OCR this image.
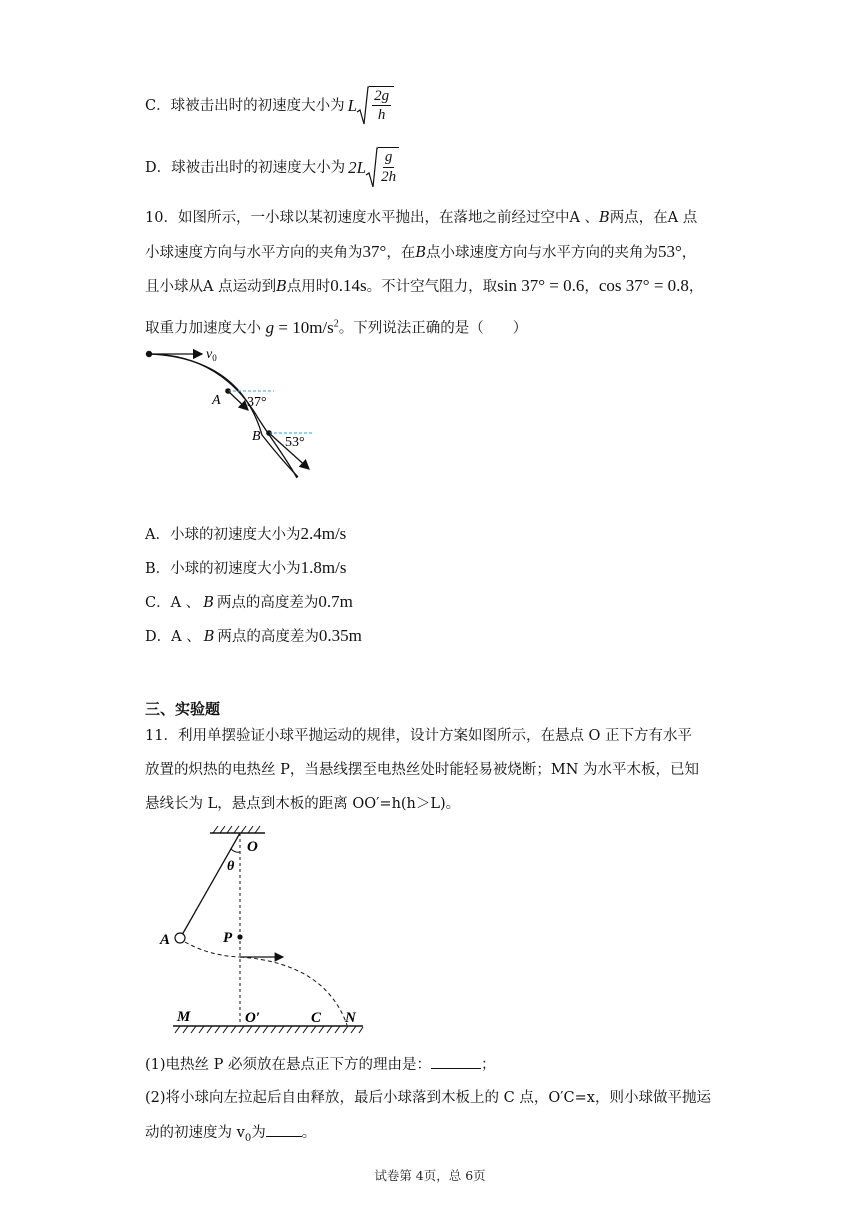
C．球被击出时的初速度大小为 L $\frac{2g}{h}$
D．球被击出时的初速度大小为 $2L \frac{g}{2h}$
10．如图所示，一小球以某初速度水平抛出，在落地之前经过空中A 、B两点，在A 点
小球速度方向与水平方向的夹角为37°，在B点小球速度方向与水平方向的夹角为53°，
且小球从A 点运动到B点用时0.14s。不计空气阻力，取sin 37° = 0.6，cos 37° = 0.8，
取重力加速度大小 $g = 10m/s^2$。下列说法正确的是（　　）
$v_0$
A 37°
B 53°
A．小球的初速度大小为2.4m/s
B．小球的初速度大小为1.8m/s
C．A 、 B 两点的高度差为0.7m
D．A 、 B 两点的高度差为0.35m
三、实验题
11．利用单摆验证小球平抛运动的规律，设计方案如图所示，在悬点 O 正下方有水平
放置的炽热的电热丝 P，当悬线摆至电热丝处时能轻易被烧断；MN 为水平木板，已知
悬线长为 L，悬点到木板的距离 OO′=h(h＞L)。
O
θ
A	P
M	O′	C N
(1)电热丝 P 必须放在悬点正下方的理由是：	；
(2)将小球向左拉起后自由释放，最后小球落到木板上的 C 点，O′C=x，则小球做平抛运
动的初速度为 $v_0$为 。
试卷第 4页，总 6页
